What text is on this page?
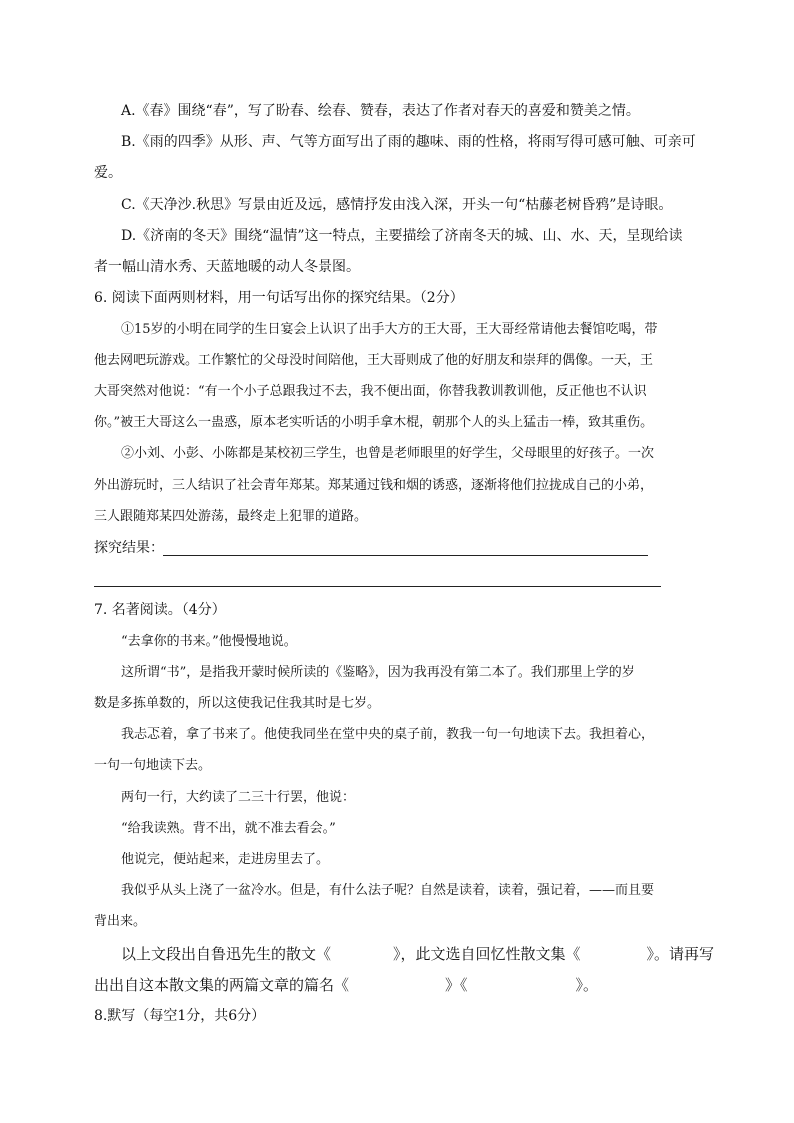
A.《春》围绕“春”，写了盼春、绘春、赞春，表达了作者对春天的喜爱和赞美之情。
B.《雨的四季》从形、声、气等方面写出了雨的趣味、雨的性格，将雨写得可感可触、可亲可
爱。
C.《天净沙.秋思》写景由近及远，感情抒发由浅入深，开头一句“枯藤老树昏鸦”是诗眼。
D.《济南的冬天》围绕“温情”这一特点，主要描绘了济南冬天的城、山、水、天，呈现给读
者一幅山清水秀、天蓝地暖的动人冬景图。
6. 阅读下面两则材料，用一句话写出你的探究结果。（2分）
①15岁的小明在同学的生日宴会上认识了出手大方的王大哥，王大哥经常请他去餐馆吃喝，带
他去网吧玩游戏。工作繁忙的父母没时间陪他，王大哥则成了他的好朋友和崇拜的偶像。一天，王
大哥突然对他说：“有一个小子总跟我过不去，我不便出面，你替我教训教训他，反正他也不认识
你。”被王大哥这么一蛊惑，原本老实听话的小明手拿木棍，朝那个人的头上猛击一棒，致其重伤。
②小刘、小彭、小陈都是某校初三学生，也曾是老师眼里的好学生，父母眼里的好孩子。一次
外出游玩时，三人结识了社会青年郑某。郑某通过钱和烟的诱惑，逐渐将他们拉拢成自己的小弟，
三人跟随郑某四处游荡，最终走上犯罪的道路。
探究结果：
7. 名著阅读。（4分）
“去拿你的书来。”他慢慢地说。
这所谓“书”，是指我开蒙时候所读的《鉴略》，因为我再没有第二本了。我们那里上学的岁
数是多拣单数的，所以这使我记住我其时是七岁。
我忐忑着，拿了书来了。他使我同坐在堂中央的桌子前，教我一句一句地读下去。我担着心，
一句一句地读下去。
两句一行，大约读了二三十行罢，他说：
“给我读熟。背不出，就不准去看会。”
他说完，便站起来，走进房里去了。
我似乎从头上浇了一盆冷水。但是，有什么法子呢？自然是读着，读着，强记着，——而且要
背出来。
以上文段出自鲁迅先生的散文《	》，此文选自回忆性散文集《	》。请再写
出出自这本散文集的两篇文章的篇名《	》《	》。
8.默写（每空1分，共6分）
